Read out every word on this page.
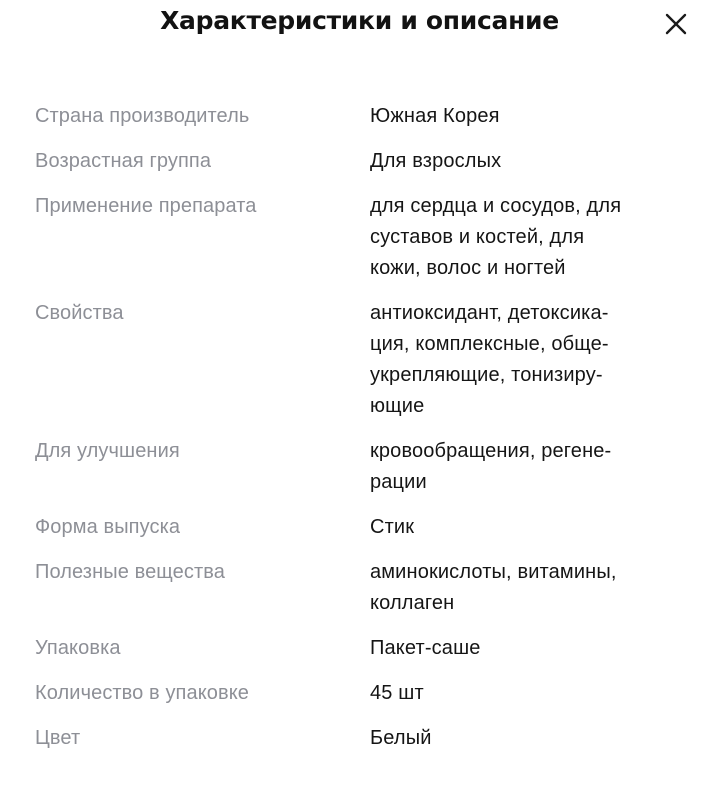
Характеристики и описание
Страна производитель	Южная Корея
Возрастная группа	Для взрослых
Применение препарата	для сердца и сосудов, для
суставов и костей, для
кожи, волос и ногтей
Свойства	антиоксидант, детоксика-
ция, комплексные, обще-
укрепляющие, тонизиру-
ющие
Для улучшения	кровообращения, регене-
рации
Форма выпуска	Стик
Полезные вещества	аминокислоты, витамины,
коллаген
Упаковка	Пакет-саше
Количество в упаковке	45 шт
Цвет	Белый
